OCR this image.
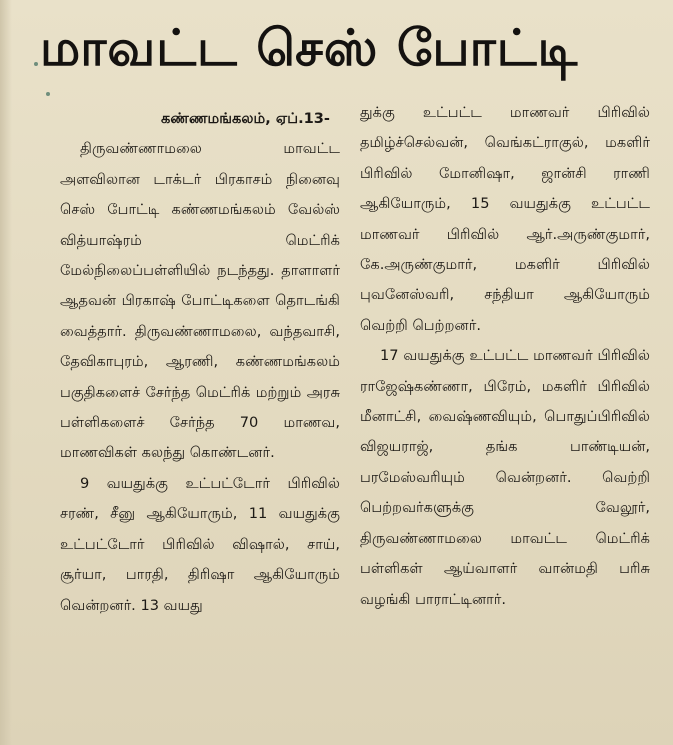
மாவட்ட செஸ் போட்டி

கண்ணமங்கலம், ஏப்.13-

திருவண்ணாமலை மாவட்ட அளவிலான டாக்டர் பிரகாசம் நினைவு செஸ் போட்டி கண்ணமங்கலம் வேல்ஸ் வித்யாஷ்ரம் மெட்ரிக் மேல்நிலைப்பள்ளியில் நடந்தது. தாளாளர் ஆதவன் பிரகாஷ் போட்டிகளை தொடங்கி வைத்தார். திருவண்ணாமலை, வந்தவாசி, தேவிகாபுரம், ஆரணி, கண்ணமங்கலம் பகுதிகளைச் சேர்ந்த மெட்ரிக் மற்றும் அரசு பள்ளிகளைச் சேர்ந்த 70 மாணவ, மாணவிகள் கலந்து கொண்டனர்.

9 வயதுக்கு உட்பட்டோர் பிரிவில் சரண், சீனு ஆகியோரும், 11 வயதுக்கு உட்பட்டோர் பிரிவில் விஷால், சாய், சூர்யா, பாரதி, திரிஷா ஆகியோரும் வென்றனர். 13 வயது

துக்கு உட்பட்ட மாணவர் பிரிவில் தமிழ்ச்செல்வன், வெங்கட்ராகுல், மகளிர் பிரிவில் மோனிஷா, ஜான்சி ராணி ஆகியோரும், 15 வயதுக்கு உட்பட்ட மாணவர் பிரிவில் ஆர்.அருண்குமார், கே.அருண்குமார், மகளிர் பிரிவில் புவனேஸ்வரி, சந்தியா ஆகியோரும் வெற்றி பெற்றனர்.

17 வயதுக்கு உட்பட்ட மாணவர் பிரிவில் ராஜேஷ்கண்ணா, பிரேம், மகளிர் பிரிவில் மீனாட்சி, வைஷ்ணவியும், பொதுப்பிரிவில் விஜயராஜ், தங்க பாண்டியன், பரமேஸ்வரியும் வென்றனர். வெற்றி பெற்றவர்களுக்கு வேலூர், திருவண்ணாமலை மாவட்ட மெட்ரிக் பள்ளிகள் ஆய்வாளர் வான்மதி பரிசு வழங்கி பாராட்டினார்.
